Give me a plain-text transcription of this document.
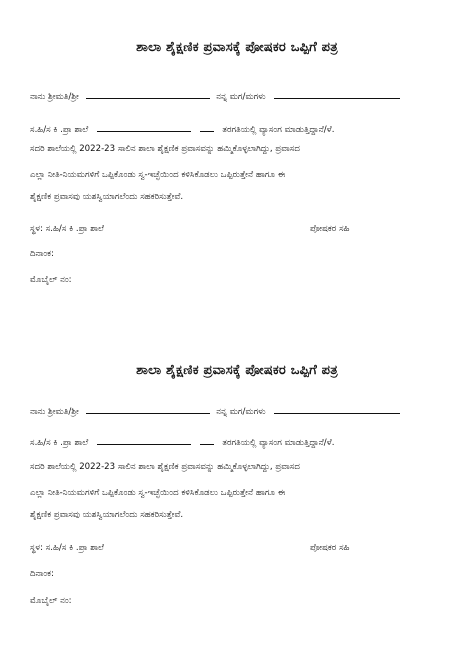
ಶಾಲಾ ಶೈಕ್ಷಣಿಕ ಪ್ರವಾಸಕ್ಕೆ ಪೋಷಕರ ಒಪ್ಪಿಗೆ ಪತ್ರ
ನಾನು ಶ್ರೀಮತಿ/ಶ್ರೀ	ನನ್ನ ಮಗ/ಮಗಳು
ಸ.ಹಿ/ಸ ಕಿ .ಪ್ರಾ ಶಾಲೆ	ತರಗತಿಯಲ್ಲಿ ವ್ಯಾಸಂಗ ಮಾಡುತ್ತಿದ್ದಾನೆ/ಳೆ.
ಸದರಿ ಶಾಲೆಯಲ್ಲಿ 2022-23 ಸಾಲಿನ ಶಾಲಾ ಶೈಕ್ಷಣಿಕ ಪ್ರವಾಸವನ್ನು ಹಮ್ಮಿಕೊಳ್ಳಲಾಗಿದ್ದು, ಪ್ರವಾಸದ
ಎಲ್ಲಾ ನೀತಿ-ನಿಯಮಗಳಿಗೆ ಒಪ್ಪಿಕೊಂಡು ಸ್ವ-ಇಚ್ಛೆಯಿಂದ ಕಳಿಸಿಕೊಡಲು ಒಪ್ಪಿರುತ್ತೇನೆ ಹಾಗೂ ಈ
ಶೈಕ್ಷಣಿಕ ಪ್ರವಾಸವು ಯಶಸ್ವಿಯಾಗಲೆಂದು ಸಹಕರಿಸುತ್ತೇವೆ.
ಸ್ಥಳ: ಸ.ಹಿ/ಸ ಕಿ .ಪ್ರಾ ಶಾಲೆ	ಪೋಷಕರ ಸಹಿ
ದಿನಾಂಕ:
ಮೊಬೈಲ್ ನಂ:
ಶಾಲಾ ಶೈಕ್ಷಣಿಕ ಪ್ರವಾಸಕ್ಕೆ ಪೋಷಕರ ಒಪ್ಪಿಗೆ ಪತ್ರ
ನಾನು ಶ್ರೀಮತಿ/ಶ್ರೀ	ನನ್ನ ಮಗ/ಮಗಳು
ಸ.ಹಿ/ಸ ಕಿ .ಪ್ರಾ ಶಾಲೆ	ತರಗತಿಯಲ್ಲಿ ವ್ಯಾಸಂಗ ಮಾಡುತ್ತಿದ್ದಾನೆ/ಳೆ.
ಸದರಿ ಶಾಲೆಯಲ್ಲಿ 2022-23 ಸಾಲಿನ ಶಾಲಾ ಶೈಕ್ಷಣಿಕ ಪ್ರವಾಸವನ್ನು ಹಮ್ಮಿಕೊಳ್ಳಲಾಗಿದ್ದು, ಪ್ರವಾಸದ
ಎಲ್ಲಾ ನೀತಿ-ನಿಯಮಗಳಿಗೆ ಒಪ್ಪಿಕೊಂಡು ಸ್ವ-ಇಚ್ಛೆಯಿಂದ ಕಳಿಸಿಕೊಡಲು ಒಪ್ಪಿರುತ್ತೇನೆ ಹಾಗೂ ಈ
ಶೈಕ್ಷಣಿಕ ಪ್ರವಾಸವು ಯಶಸ್ವಿಯಾಗಲೆಂದು ಸಹಕರಿಸುತ್ತೇವೆ.
ಸ್ಥಳ: ಸ.ಹಿ/ಸ ಕಿ .ಪ್ರಾ ಶಾಲೆ	ಪೋಷಕರ ಸಹಿ
ದಿನಾಂಕ:
ಮೊಬೈಲ್ ನಂ:
